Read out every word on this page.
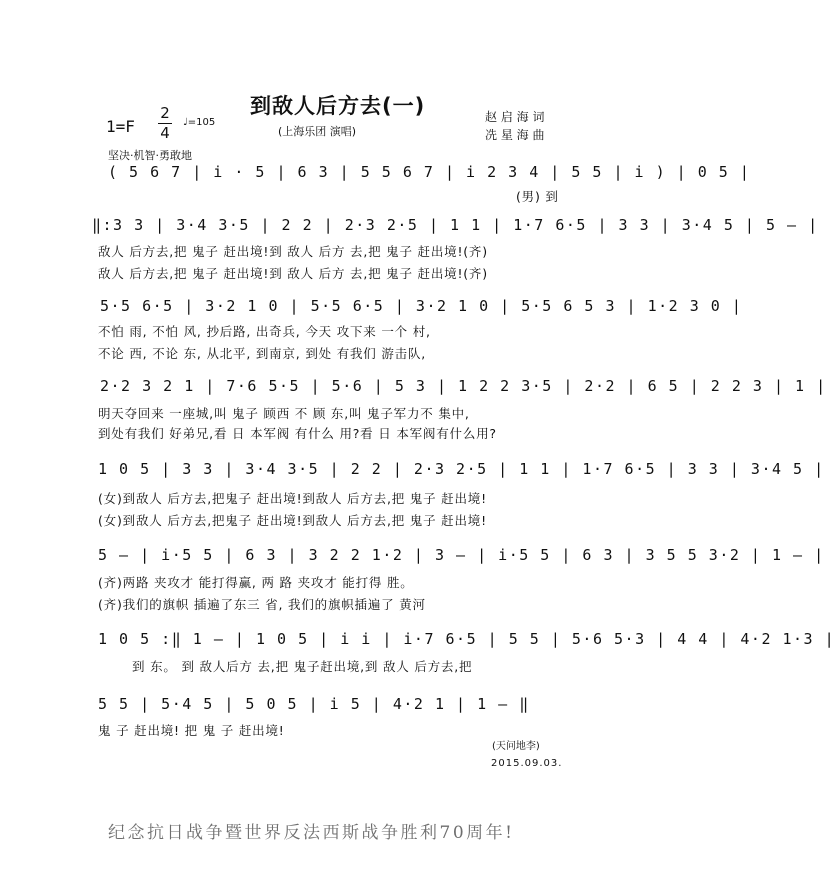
到敌人后方去(一)
(上海乐团 演唱)
1=F
2
4
♩=105
坚决·机智·勇敢地
赵 启 海 词
冼 星 海 曲
( 5 6 7 | i · 5 | 6 3 | 5 5 6 7 | i 2 3 4 | 5 5 | i ) | 0 5 |
(男) 到
‖:3 3 | 3·4 3·5 | 2 2 | 2·3 2·5 | 1 1 | 1·7 6·5 | 3 3 | 3·4 5 | 5 – |
敌人 后方去,把 鬼子 赶出境!到 敌人 后方 去,把 鬼子 赶出境!(齐)
敌人 后方去,把 鬼子 赶出境!到 敌人 后方 去,把 鬼子 赶出境!(齐)
5·5 6·5 | 3·2 1 0 | 5·5 6·5 | 3·2 1 0 | 5·5 6 5 3 | 1·2 3 0 |
不怕 雨, 不怕 风, 抄后路, 出奇兵, 今天 攻下来 一个 村,
不论 西, 不论 东, 从北平, 到南京, 到处 有我们 游击队,
2·2 3 2 1 | 7·6 5·5 | 5·6 | 5 3 | 1 2 2 3·5 | 2·2 | 6 5 | 2 2 3 | 1 |
明天夺回来 一座城,叫 鬼子 顾西 不 顾 东,叫 鬼子军力不 集中,
到处有我们 好弟兄,看 日 本军阀 有什么 用?看 日 本军阀有什么用?
1 0 5 | 3 3 | 3·4 3·5 | 2 2 | 2·3 2·5 | 1 1 | 1·7 6·5 | 3 3 | 3·4 5 |
(女)到敌人 后方去,把鬼子 赶出境!到敌人 后方去,把 鬼子 赶出境!
(女)到敌人 后方去,把鬼子 赶出境!到敌人 后方去,把 鬼子 赶出境!
5 – | i·5 5 | 6 3 | 3 2 2 1·2 | 3 – | i·5 5 | 6 3 | 3 5 5 3·2 | 1 – |
(齐)两路 夹攻才 能打得赢, 两 路 夹攻才 能打得 胜。
(齐)我们的旗帜 插遍了东三 省, 我们的旗帜插遍了 黄河
1 0 5 :‖ 1 – | 1 0 5 | i i | i·7 6·5 | 5 5 | 5·6 5·3 | 4 4 | 4·2 1·3 |
到 东。 到 敌人后方 去,把 鬼子赶出境,到 敌人 后方去,把
5 5 | 5·4 5 | 5 0 5 | i 5 | 4·2 1 | 1 – ‖
鬼 子 赶出境! 把 鬼 子 赶出境!
(天问地李)
2015.09.03.
纪念抗日战争暨世界反法西斯战争胜利70周年!
